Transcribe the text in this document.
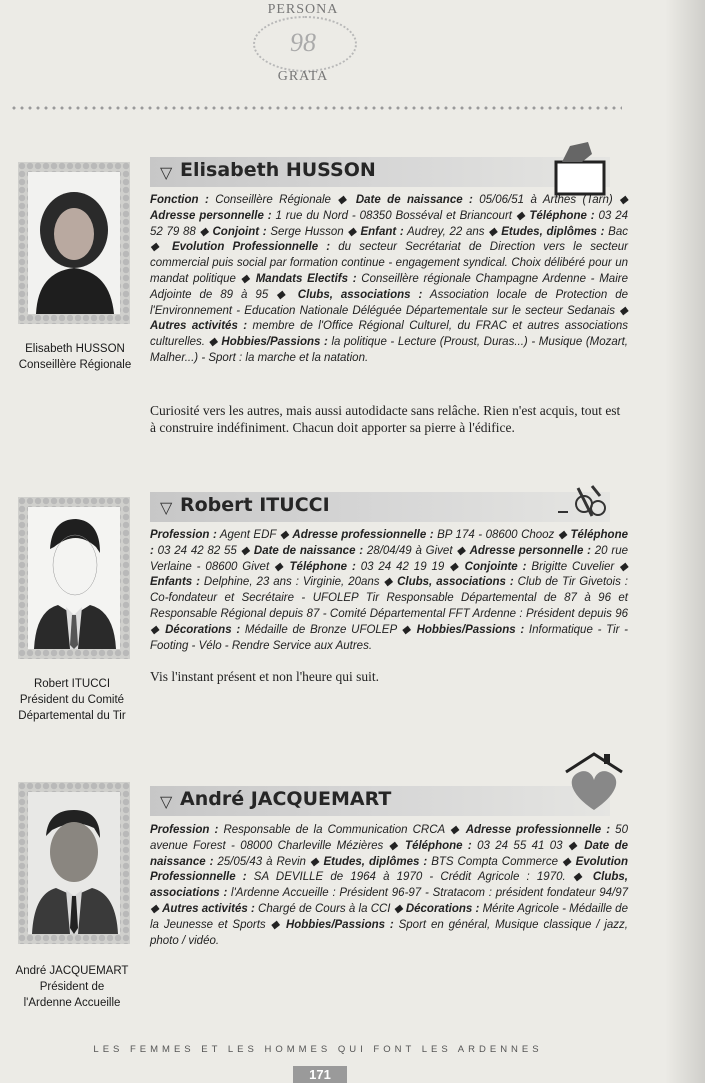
PERSONA
98
GRATA
Elisabeth HUSSON
Conseillère Régionale
▽ Elisabeth HUSSON
Fonction : Conseillère Régionale ◆ Date de naissance : 05/06/51 à Arthes (Tarn) ◆ Adresse personnelle : 1 rue du Nord - 08350 Bosséval et Briancourt ◆ Téléphone : 03 24 52 79 88 ◆ Conjoint : Serge Husson ◆ Enfant : Audrey, 22 ans ◆ Etudes, diplômes : Bac ◆ Evolution Professionnelle : du secteur Secrétariat de Direction vers le secteur commercial puis social par formation continue - engagement syndical. Choix délibéré pour un mandat politique ◆ Mandats Electifs : Conseillère régionale Champagne Ardenne - Maire Adjointe de 89 à 95 ◆ Clubs, associations : Association locale de Protection de l'Environnement - Education Nationale Déléguée Départementale sur le secteur Sedanais ◆ Autres activités : membre de l'Office Régional Culturel, du FRAC et autres associations culturelles. ◆ Hobbies/Passions : la politique - Lecture (Proust, Duras...) - Musique (Mozart, Malher...) - Sport : la marche et la natation.
Curiosité vers les autres, mais aussi autodidacte sans relâche. Rien n'est acquis, tout est à construire indéfiniment. Chacun doit apporter sa pierre à l'édifice.
Robert ITUCCI
Président du Comité
Départemental du Tir
▽ Robert ITUCCI
Profession : Agent EDF ◆ Adresse professionnelle : BP 174 - 08600 Chooz ◆ Téléphone : 03 24 42 82 55 ◆ Date de naissance : 28/04/49 à Givet ◆ Adresse personnelle : 20 rue Verlaine - 08600 Givet ◆ Téléphone : 03 24 42 19 19 ◆ Conjointe : Brigitte Cuvelier ◆ Enfants : Delphine, 23 ans : Virginie, 20ans ◆ Clubs, associations : Club de Tir Givetois : Co-fondateur et Secrétaire - UFOLEP Tir Responsable Départemental de 87 à 96 et Responsable Régional depuis 87 - Comité Départemental FFT Ardenne : Président depuis 96 ◆ Décorations : Médaille de Bronze UFOLEP ◆ Hobbies/Passions : Informatique - Tir - Footing - Vélo - Rendre Service aux Autres.
Vis l'instant présent et non l'heure qui suit.
André JACQUEMART
Président de
l'Ardenne Accueille
▽ André JACQUEMART
Profession : Responsable de la Communication CRCA ◆ Adresse professionnelle : 50 avenue Forest - 08000 Charleville Mézières ◆ Téléphone : 03 24 55 41 03 ◆ Date de naissance : 25/05/43 à Revin ◆ Etudes, diplômes : BTS Compta Commerce ◆ Evolution Professionnelle : SA DEVILLE de 1964 à 1970 - Crédit Agricole : 1970. ◆ Clubs, associations : l'Ardenne Accueille : Président 96-97 - Stratacom : président fondateur 94/97 ◆ Autres activités : Chargé de Cours à la CCI ◆ Décorations : Mérite Agricole - Médaille de la Jeunesse et Sports ◆ Hobbies/Passions : Sport en général, Musique classique / jazz, photo / vidéo.
LES FEMMES ET LES HOMMES QUI FONT LES ARDENNES
171
